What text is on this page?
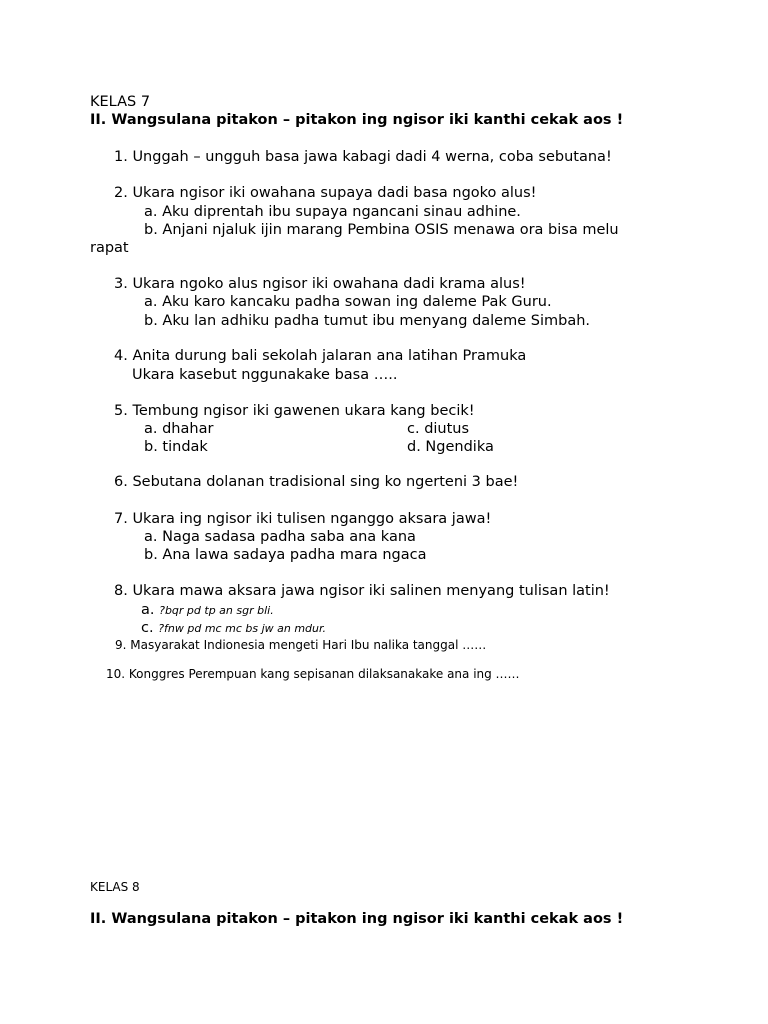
KELAS 7
II. Wangsulana pitakon – pitakon ing ngisor iki kanthi cekak aos !
1. Unggah – ungguh basa jawa kabagi dadi 4 werna, coba sebutana!
2. Ukara ngisor iki owahana supaya dadi basa ngoko alus!
a. Aku diprentah ibu supaya ngancani sinau adhine.
b. Anjani njaluk ijin marang Pembina OSIS menawa ora bisa melu
rapat
3. Ukara ngoko alus ngisor iki owahana dadi krama alus!
a. Aku karo kancaku padha sowan ing daleme Pak Guru.
b. Aku lan adhiku padha tumut ibu menyang daleme Simbah.
4. Anita durung bali sekolah jalaran ana latihan Pramuka
Ukara kasebut nggunakake basa …..
5. Tembung ngisor iki gawenen ukara kang becik!
a. dhahar	c. diutus
b. tindak	d. Ngendika
6. Sebutana dolanan tradisional sing ko ngerteni 3 bae!
7. Ukara ing ngisor iki tulisen nganggo aksara jawa!
a. Naga sadasa padha saba ana kana
b. Ana lawa sadaya padha mara ngaca
8. Ukara mawa aksara jawa ngisor iki salinen menyang tulisan latin!
a. ?bqr pd tp an sgr bli.
c. ?fnw pd mc mc bs jw an mdur.
9. Masyarakat Indionesia mengeti Hari Ibu nalika tanggal ……
10. Konggres Perempuan kang sepisanan dilaksanakake ana ing ……
KELAS 8
II. Wangsulana pitakon – pitakon ing ngisor iki kanthi cekak aos !
